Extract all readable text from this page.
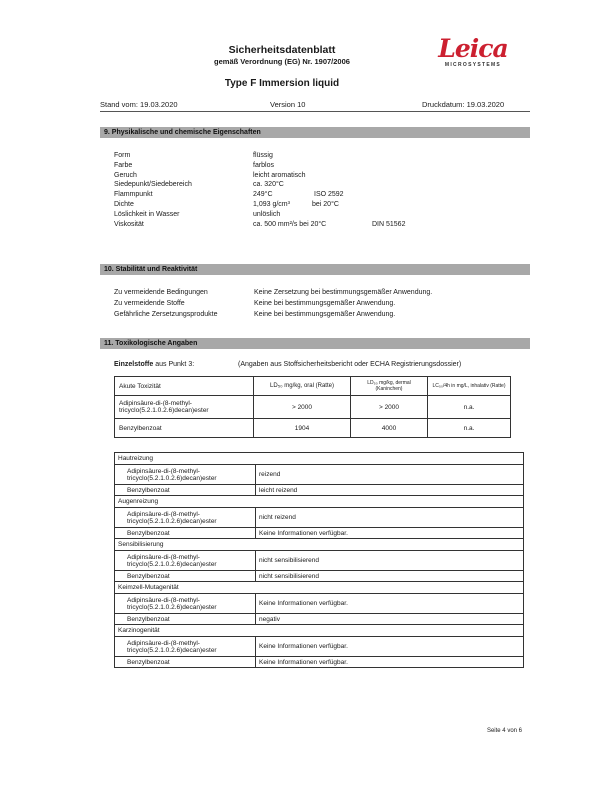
Sicherheitsdatenblatt
gemäß Verordnung (EG) Nr. 1907/2006
Type F Immersion liquid
Leica
MICROSYSTEMS
Stand vom: 19.03.2020	Version 10	Druckdatum: 19.03.2020
9. Physikalische und chemische Eigenschaften
Form	flüssig
Farbe	farblos
Geruch	leicht aromatisch
Siedepunkt/Siedebereich	ca. 320°C
Flammpunkt	249°C	ISO 2592
Dichte	1,093 g/cm³	bei 20°C
Löslichkeit in Wasser	unlöslich
Viskosität	ca. 500 mm²/s bei 20°C	DIN 51562
10. Stabilität und Reaktivität
Zu vermeidende Bedingungen	Keine Zersetzung bei bestimmungsgemäßer Anwendung.
Zu vermeidende Stoffe	Keine bei bestimmungsgemäßer Anwendung.
Gefährliche Zersetzungsprodukte	Keine bei bestimmungsgemäßer Anwendung.
11. Toxikologische Angaben
Einzelstoffe aus Punkt 3:	(Angaben aus Stoffsicherheitsbericht oder ECHA Registrierungsdossier)
Akute Toxizität	LD₅₀ mg/kg, oral (Ratte)	LD₅₀ mg/kg, dermal (Kaninchen)	LC₅₀/4h in mg/L, inhalativ (Ratte)
Adipinsäure-di-(8-methyl-tricyclo(5.2.1.0.2.6)decan)ester	> 2000	> 2000	n.a.
Benzylbenzoat	1904	4000	n.a.
Hautreizung	
Adipinsäure-di-(8-methyl-tricyclo(5.2.1.0.2.6)decan)ester	reizend
Benzylbenzoat	leicht reizend
Augenreizung	
Adipinsäure-di-(8-methyl-tricyclo(5.2.1.0.2.6)decan)ester	nicht reizend
Benzylbenzoat	Keine Informationen verfügbar.
Sensibilisierung	
Adipinsäure-di-(8-methyl-tricyclo(5.2.1.0.2.6)decan)ester	nicht sensibilisierend
Benzylbenzoat	nicht sensibilisierend
Keimzell-Mutagenität	
Adipinsäure-di-(8-methyl-tricyclo(5.2.1.0.2.6)decan)ester	Keine Informationen verfügbar.
Benzylbenzoat	negativ
Karzinogenität	
Adipinsäure-di-(8-methyl-tricyclo(5.2.1.0.2.6)decan)ester	Keine Informationen verfügbar.
Benzylbenzoat	Keine Informationen verfügbar.
Seite 4 von 6
